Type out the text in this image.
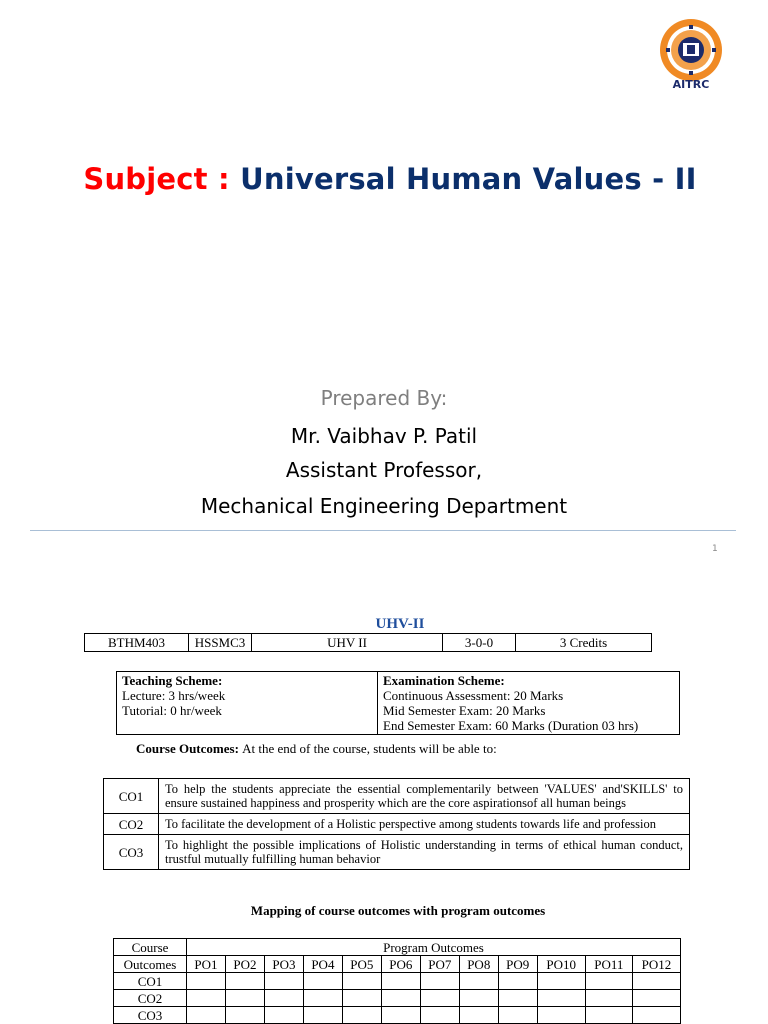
AITRC
Subject : Universal Human Values - II
Prepared By:
Mr. Vaibhav P. Patil
Assistant Professor,
Mechanical Engineering Department
1
UHV-II
BTHM403	HSSMC3	UHV II	3-0-0	3 Credits
Teaching Scheme:
Lecture: 3 hrs/week
Tutorial: 0 hr/week

Examination Scheme:
Continuous Assessment: 20 Marks
Mid Semester Exam: 20 Marks
End Semester Exam: 60 Marks (Duration 03 hrs)
Course Outcomes: At the end of the course, students will be able to:
CO1	To help the students appreciate the essential complementarily between 'VALUES' and'SKILLS' to ensure sustained happiness and prosperity which are the core aspirationsof all human beings
CO2	To facilitate the development of a Holistic perspective among students towards life and profession
CO3	To highlight the possible implications of Holistic understanding in terms of ethical human conduct, trustful mutually fulfilling human behavior
Mapping of course outcomes with program outcomes
Course	Program Outcomes											
Outcomes	PO1	PO2	PO3	PO4	PO5	PO6	PO7	PO8	PO9	PO10	PO11	PO12
CO1												
CO2												
CO3												
